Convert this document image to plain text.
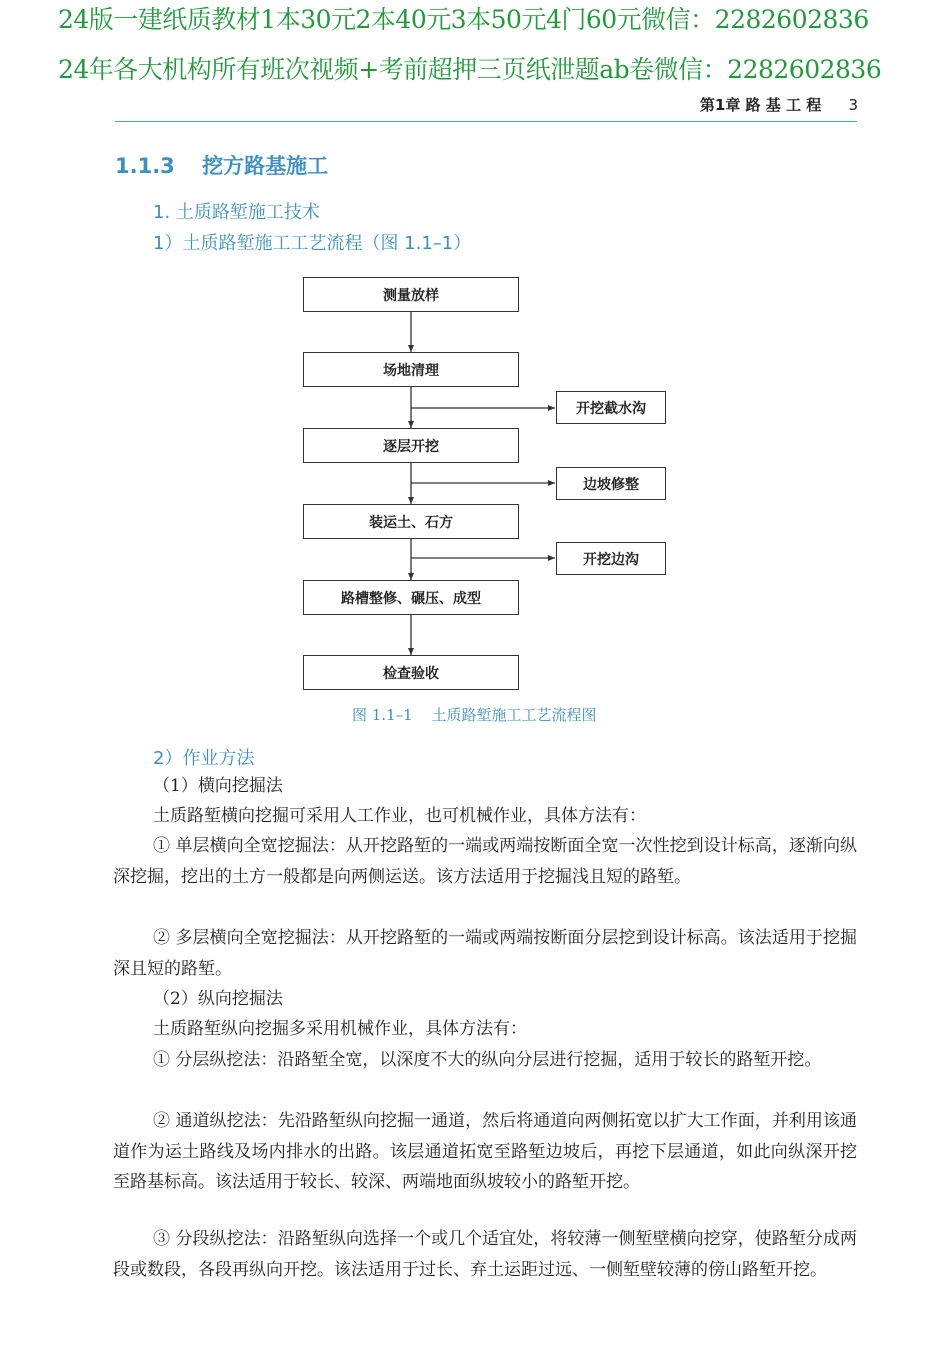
24版一建纸质教材1本30元2本40元3本50元4门60元微信：2282602836
24年各大机构所有班次视频+考前超押三页纸泄题ab卷微信：2282602836
第1章 路 基 工 程 3
1.1.3 挖方路基施工
1. 土质路堑施工技术
1）土质路堑施工工艺流程（图 1.1–1）
测量放样
场地清理
逐层开挖
装运土、石方
路槽整修、碾压、成型
检查验收
开挖截水沟
边坡修整
开挖边沟
图 1.1–1 土质路堑施工工艺流程图
2）作业方法
（1）横向挖掘法
土质路堑横向挖掘可采用人工作业，也可机械作业，具体方法有：
① 单层横向全宽挖掘法：从开挖路堑的一端或两端按断面全宽一次性挖到设计标高，逐渐向纵深挖掘，挖出的土方一般都是向两侧运送。该方法适用于挖掘浅且短的路堑。
② 多层横向全宽挖掘法：从开挖路堑的一端或两端按断面分层挖到设计标高。该法适用于挖掘深且短的路堑。
（2）纵向挖掘法
土质路堑纵向挖掘多采用机械作业，具体方法有：
① 分层纵挖法：沿路堑全宽，以深度不大的纵向分层进行挖掘，适用于较长的路堑开挖。
② 通道纵挖法：先沿路堑纵向挖掘一通道，然后将通道向两侧拓宽以扩大工作面，并利用该通道作为运土路线及场内排水的出路。该层通道拓宽至路堑边坡后，再挖下层通道，如此向纵深开挖至路基标高。该法适用于较长、较深、两端地面纵坡较小的路堑开挖。
③ 分段纵挖法：沿路堑纵向选择一个或几个适宜处，将较薄一侧堑壁横向挖穿，使路堑分成两段或数段，各段再纵向开挖。该法适用于过长、弃土运距过远、一侧堑壁较薄的傍山路堑开挖。
